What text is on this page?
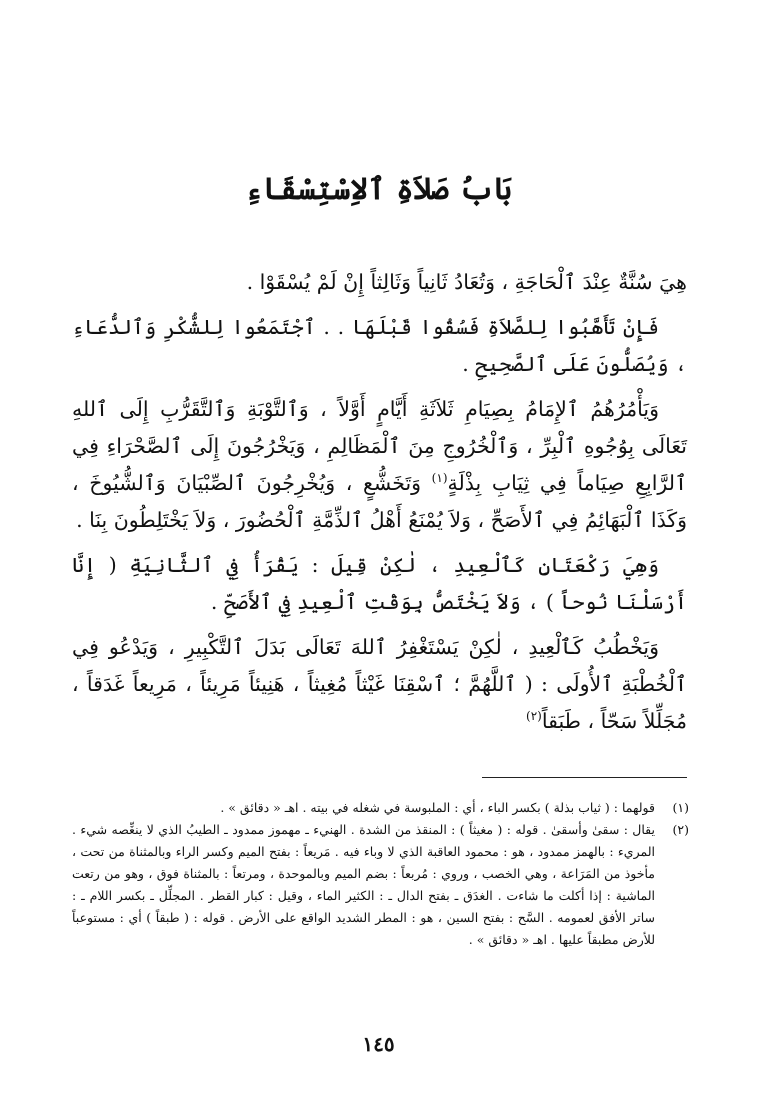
بَابُ صَلاَةِ ٱلاِسْتِسْقَاءِ

هِيَ سُنَّةٌ عِنْدَ ٱلْحَاجَةِ ، وَتُعَادُ ثَانِياً وَثَالِثاً إِنْ لَمْ يُسْقَوْا .

فَإِنْ تَأَهَّبُوا لِلصَّلاَةِ فَسُقُوا قَبْلَهَا . . ٱجْتَمَعُوا لِلشُّكْرِ وَٱلدُّعَاءِ ، وَيُصَلُّونَ عَلَى ٱلصَّحِيحِ .

وَيَأْمُرُهُمُ ٱلإِمَامُ بِصِيَامِ ثَلاَثَةِ أَيَّامٍ أَوَّلاً ، وَٱلتَّوْبَةِ وَٱلتَّقَرُّبِ إِلَى ٱللهِ تَعَالَى بِوُجُوهِ ٱلْبِرِّ ، وَٱلْخُرُوجِ مِنَ ٱلْمَظَالِمِ ، وَيَخْرُجُونَ إِلَى ٱلصَّحْرَاءِ فِي ٱلرَّابِعِ صِيَاماً فِي ثِيَابِ بِذْلَةٍ$^{(١)}$ وَتَخَشُّعٍ ، وَيُخْرِجُونَ ٱلصِّبْيَانَ وَٱلشُّيُوخَ ، وَكَذَا ٱلْبَهَائِمُ فِي ٱلأَصَحِّ ، وَلاَ يُمْنَعُ أَهْلُ ٱلذِّمَّةِ ٱلْحُضُورَ ، وَلاَ يَخْتَلِطُونَ بِنَا .

وَهِيَ رَكْعَتَانِ كَٱلْعِيدِ ، لٰكِنْ قِيلَ : يَقْرَأُ فِي ٱلثَّانِيَةِ ( إِنَّا أَرْسَلْنَا نُوحاً ) ، وَلاَ يَخْتَصُّ بِوَقْتِ ٱلْعِيدِ فِي ٱلأَصَحِّ .

وَيَخْطُبُ كَٱلْعِيدِ ، لٰكِنْ يَسْتَغْفِرُ ٱللهَ تَعَالَى بَدَلَ ٱلتَّكْبِيرِ ، وَيَدْعُو فِي ٱلْخُطْبَةِ ٱلأُولَى : ( ٱللَّهُمَّ ؛ ٱسْقِنَا غَيْثاً مُغِيثاً ، هَنِيئاً مَرِيئاً ، مَرِيعاً غَدَقاً ، مُجَلِّلاً سَحّاً ، طَبَقاً$^{(٢)}$

(١)
قولهما : ( ثياب بذلة ) بكسر الباء ، أي : الملبوسة في شغله في بيته . اهـ « دقائق » .
(٢)
يقال : سقىٰ وأسقىٰ . قوله : ( مغيثاً ) : المنقذ من الشدة . الهنيء ـ مهموز ممدود ـ الطيبُ الذي لا ينغِّصه شيء . المريء : بالهمز ممدود ، هو : محمود العاقبة الذي لا وباء فيه . مَريعاً : بفتح الميم وكسر الراء وبالمثناة من تحت ، مأخوذ من المَرَاعة ، وهي الخصب ، وروي : مُربعاً : بضم الميم وبالموحدة ، ومرتعاً : بالمثناة فوق ، وهو من رتعت الماشية : إذا أكلت ما شاءت . الغدَق ـ بفتح الدال ـ : الكثير الماء ، وقيل : كبار القطر . المجلِّل ـ بكسر اللام ـ : ساتر الأفق لعمومه . السَّح : بفتح السين ، هو : المطر الشديد الواقع على الأرض . قوله : ( طبقاً ) أي : مستوعباً للأرض مطبقاً عليها . اهـ « دقائق » .
١٤٥
